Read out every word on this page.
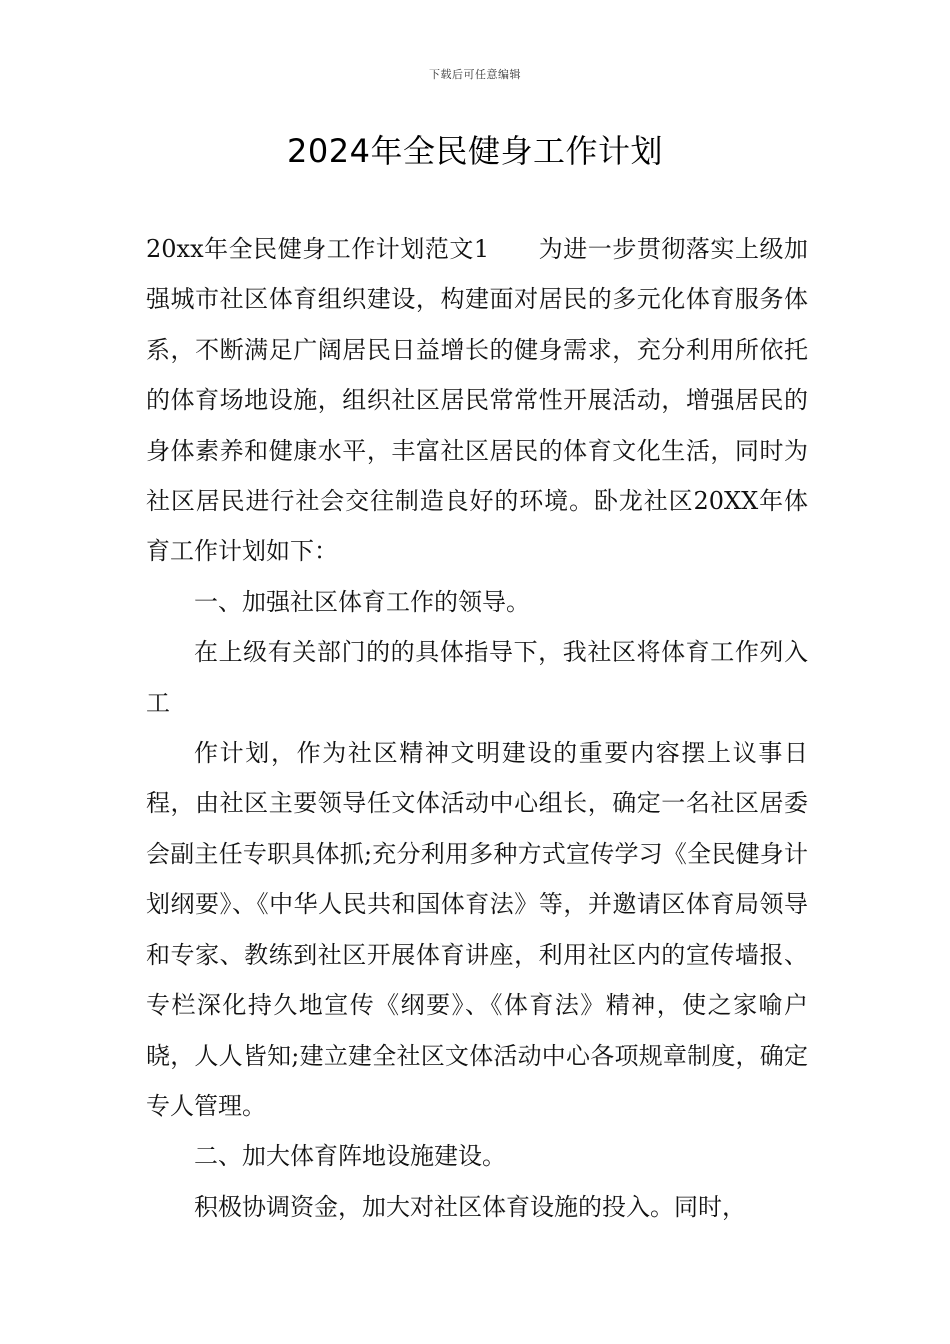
下载后可任意编辑
2024年全民健身工作计划

20xx年全民健身工作计划范文1　　为进一步贯彻落实上级加强城市社区体育组织建设，构建面对居民的多元化体育服务体系，不断满足广阔居民日益增长的健身需求，充分利用所依托的体育场地设施，组织社区居民常常性开展活动，增强居民的身体素养和健康水平，丰富社区居民的体育文化生活，同时为社区居民进行社会交往制造良好的环境。卧龙社区20XX年体育工作计划如下：

一、加强社区体育工作的领导。

在上级有关部门的的具体指导下，我社区将体育工作列入工

作计划，作为社区精神文明建设的重要内容摆上议事日程，由社区主要领导任文体活动中心组长，确定一名社区居委会副主任专职具体抓;充分利用多种方式宣传学习《全民健身计划纲要》、《中华人民共和国体育法》等，并邀请区体育局领导和专家、教练到社区开展体育讲座，利用社区内的宣传墙报、专栏深化持久地宣传《纲要》、《体育法》精神，使之家喻户晓，人人皆知;建立建全社区文体活动中心各项规章制度，确定专人管理。

二、加大体育阵地设施建设。

积极协调资金，加大对社区体育设施的投入。同时，
